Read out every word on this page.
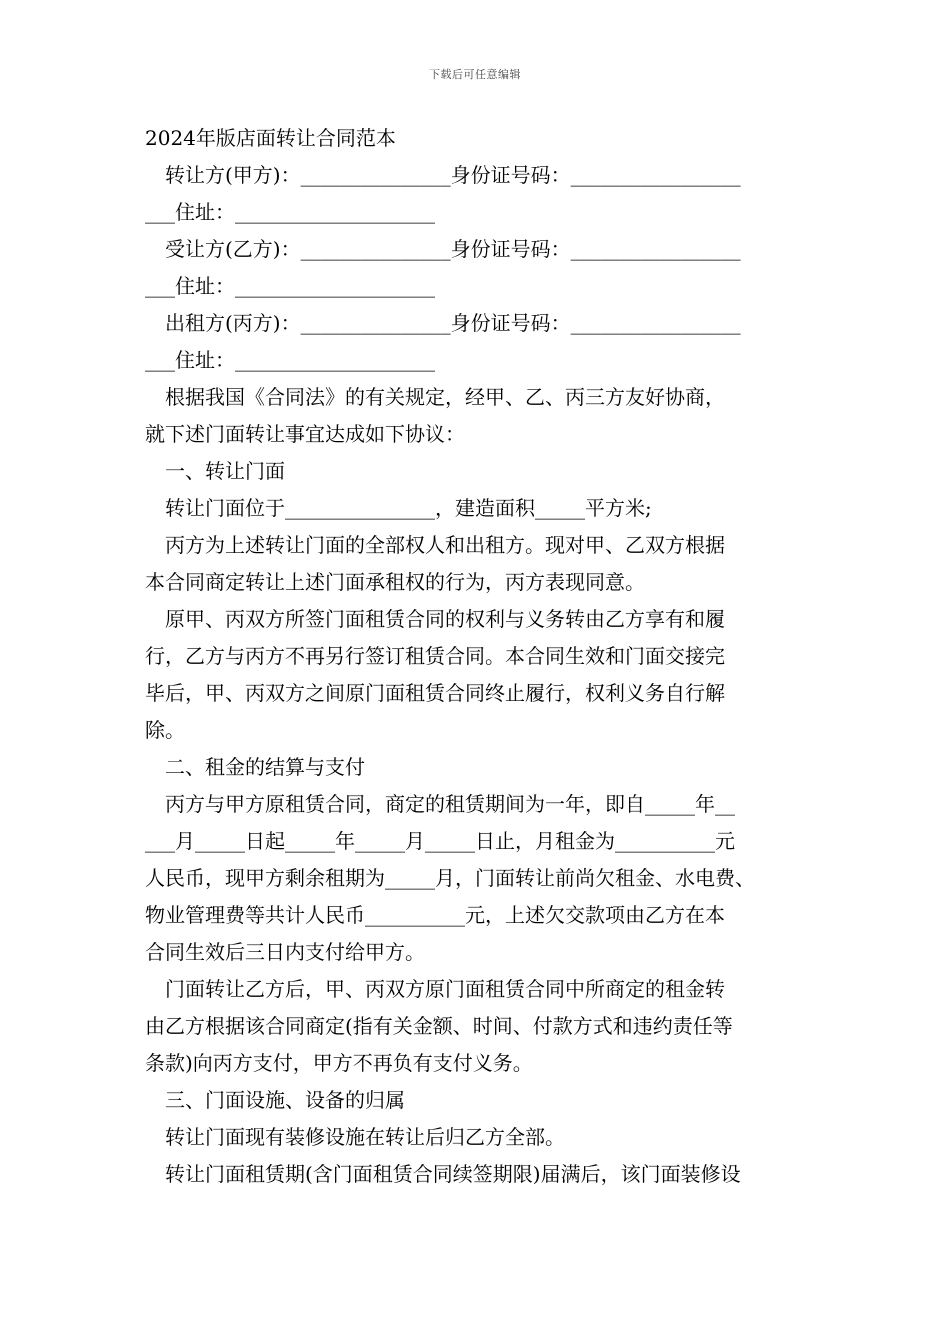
下载后可任意编辑
2024年版店面转让合同范本
转让方(甲方)：_______________身份证号码：_________________
___住址：____________________
受让方(乙方)：_______________身份证号码：_________________
___住址：____________________
出租方(丙方)：_______________身份证号码：_________________
___住址：____________________
根据我国《合同法》的有关规定，经甲、乙、丙三方友好协商，
就下述门面转让事宜达成如下协议：
一、转让门面
转让门面位于_______________，建造面积_____平方米;
丙方为上述转让门面的全部权人和出租方。现对甲、乙双方根据
本合同商定转让上述门面承租权的行为，丙方表现同意。
原甲、丙双方所签门面租赁合同的权利与义务转由乙方享有和履
行，乙方与丙方不再另行签订租赁合同。本合同生效和门面交接完
毕后，甲、丙双方之间原门面租赁合同终止履行，权利义务自行解
除。
二、租金的结算与支付
丙方与甲方原租赁合同，商定的租赁期间为一年，即自_____年__
___月_____日起_____年_____月_____日止，月租金为__________元
人民币，现甲方剩余租期为_____月，门面转让前尚欠租金、水电费、
物业管理费等共计人民币__________元，上述欠交款项由乙方在本
合同生效后三日内支付给甲方。
门面转让乙方后，甲、丙双方原门面租赁合同中所商定的租金转
由乙方根据该合同商定(指有关金额、时间、付款方式和违约责任等
条款)向丙方支付，甲方不再负有支付义务。
三、门面设施、设备的归属
转让门面现有装修设施在转让后归乙方全部。
转让门面租赁期(含门面租赁合同续签期限)届满后，该门面装修设
